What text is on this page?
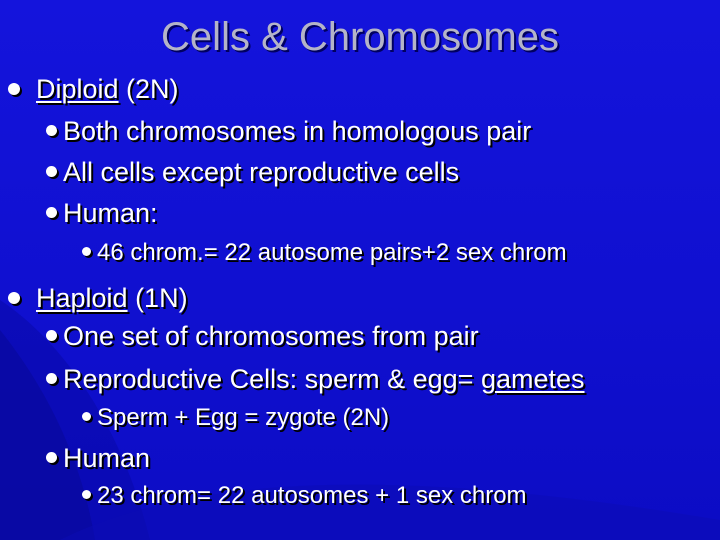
Cells & Chromosomes
Diploid (2N)
Both chromosomes in homologous pair
All cells except reproductive cells
Human:
46 chrom.= 22 autosome pairs+2 sex chrom
Haploid (1N)
One set of chromosomes from pair
Reproductive Cells: sperm & egg= gametes
Sperm + Egg = zygote (2N)
Human
23 chrom= 22 autosomes + 1 sex chrom
